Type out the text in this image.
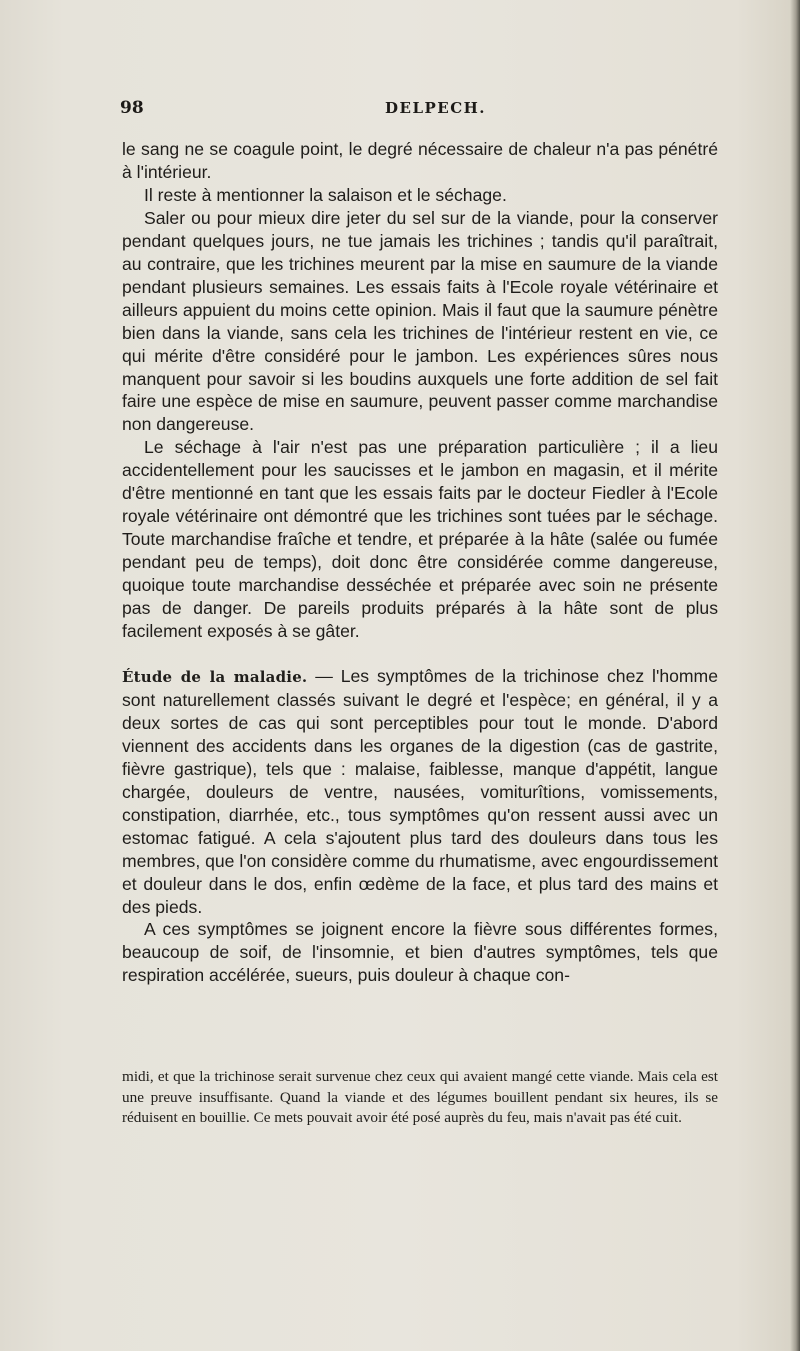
98	DELPECH.

le sang ne se coagule point, le degré nécessaire de chaleur n'a pas pénétré à l'intérieur.

Il reste à mentionner la salaison et le séchage.

Saler ou pour mieux dire jeter du sel sur de la viande, pour la conserver pendant quelques jours, ne tue jamais les trichines ; tandis qu'il paraîtrait, au contraire, que les trichines meurent par la mise en saumure de la viande pendant plusieurs semaines. Les essais faits à l'Ecole royale vétérinaire et ailleurs appuient du moins cette opinion. Mais il faut que la saumure pénètre bien dans la viande, sans cela les trichines de l'intérieur restent en vie, ce qui mérite d'être considéré pour le jambon. Les expériences sûres nous manquent pour savoir si les boudins auxquels une forte addition de sel fait faire une espèce de mise en saumure, peuvent passer comme marchandise non dangereuse.

Le séchage à l'air n'est pas une préparation particulière ; il a lieu accidentellement pour les saucisses et le jambon en magasin, et il mérite d'être mentionné en tant que les essais faits par le docteur Fiedler à l'Ecole royale vétérinaire ont démontré que les trichines sont tuées par le séchage. Toute marchandise fraîche et tendre, et préparée à la hâte (salée ou fumée pendant peu de temps), doit donc être considérée comme dangereuse, quoique toute marchandise desséchée et préparée avec soin ne présente pas de danger. De pareils produits préparés à la hâte sont de plus facilement exposés à se gâter.

Étude de la maladie. — Les symptômes de la trichinose chez l'homme sont naturellement classés suivant le degré et l'espèce; en général, il y a deux sortes de cas qui sont perceptibles pour tout le monde. D'abord viennent des accidents dans les organes de la digestion (cas de gastrite, fièvre gastrique), tels que : malaise, faiblesse, manque d'appétit, langue chargée, douleurs de ventre, nausées, vomiturîtions, vomissements, constipation, diarrhée, etc., tous symptômes qu'on ressent aussi avec un estomac fatigué. A cela s'ajoutent plus tard des douleurs dans tous les membres, que l'on considère comme du rhumatisme, avec engourdissement et douleur dans le dos, enfin œdème de la face, et plus tard des mains et des pieds.

A ces symptômes se joignent encore la fièvre sous différentes formes, beaucoup de soif, de l'insomnie, et bien d'autres symptômes, tels que respiration accélérée, sueurs, puis douleur à chaque con-

midi, et que la trichinose serait survenue chez ceux qui avaient mangé cette viande. Mais cela est une preuve insuffisante. Quand la viande et des légumes bouillent pendant six heures, ils se réduisent en bouillie. Ce mets pouvait avoir été posé auprès du feu, mais n'avait pas été cuit.
